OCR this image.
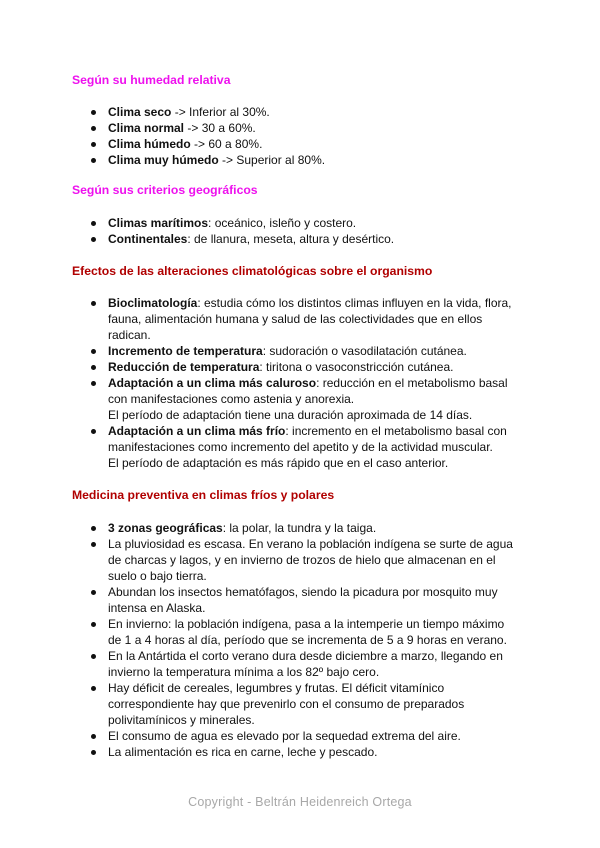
Según su humedad relativa
Clima seco -> Inferior al 30%.
Clima normal -> 30 a 60%.
Clima húmedo -> 60 a 80%.
Clima muy húmedo -> Superior al 80%.
Según sus criterios geográficos
Climas marítimos: oceánico, isleño y costero.
Continentales: de llanura, meseta, altura y desértico.
Efectos de las alteraciones climatológicas sobre el organismo
Bioclimatología: estudia cómo los distintos climas influyen en la vida, flora, fauna, alimentación humana y salud de las colectividades que en ellos radican.
Incremento de temperatura: sudoración o vasodilatación cutánea.
Reducción de temperatura: tiritona o vasoconstricción cutánea.
Adaptación a un clima más caluroso: reducción en el metabolismo basal con manifestaciones como astenia y anorexia.
El período de adaptación tiene una duración aproximada de 14 días.
Adaptación a un clima más frío: incremento en el metabolismo basal con manifestaciones como incremento del apetito y de la actividad muscular.
El período de adaptación es más rápido que en el caso anterior.
Medicina preventiva en climas fríos y polares
3 zonas geográficas: la polar, la tundra y la taiga.
La pluviosidad es escasa. En verano la población indígena se surte de agua de charcas y lagos, y en invierno de trozos de hielo que almacenan en el suelo o bajo tierra.
Abundan los insectos hematófagos, siendo la picadura por mosquito muy intensa en Alaska.
En invierno: la población indígena, pasa a la intemperie un tiempo máximo de 1 a 4 horas al día, período que se incrementa de 5 a 9 horas en verano.
En la Antártida el corto verano dura desde diciembre a marzo, llegando en invierno la temperatura mínima a los 82º bajo cero.
Hay déficit de cereales, legumbres y frutas. El déficit vitamínico correspondiente hay que prevenirlo con el consumo de preparados polivitamínicos y minerales.
El consumo de agua es elevado por la sequedad extrema del aire.
La alimentación es rica en carne, leche y pescado.
Copyright - Beltrán Heidenreich Ortega
